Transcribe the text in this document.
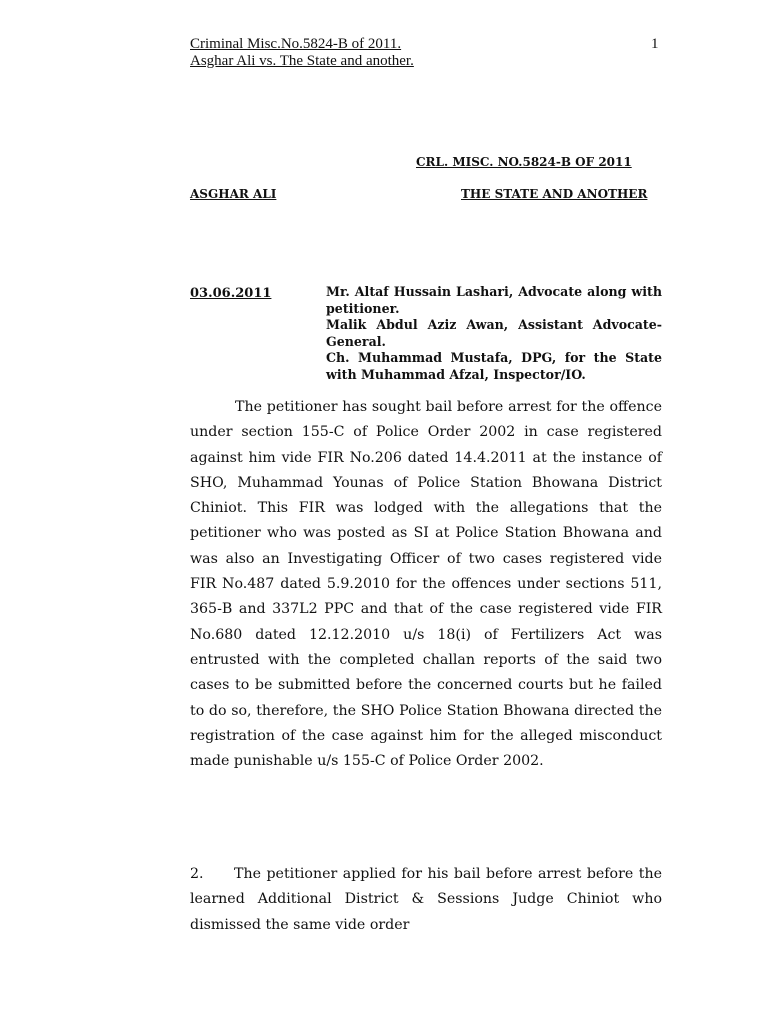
Criminal Misc.No.5824-B of 2011.
Asghar Ali vs. The State and another.
1
CRL. MISC. NO.5824-B OF 2011
ASGHAR ALI	THE STATE AND ANOTHER
03.06.2011	Mr. Altaf Hussain Lashari, Advocate along with petitioner.
Malik Abdul Aziz Awan, Assistant Advocate-General.
Ch. Muhammad Mustafa, DPG, for the State with Muhammad Afzal, Inspector/IO.

The petitioner has sought bail before arrest for the offence under section 155-C of Police Order 2002 in case registered against him vide FIR No.206 dated 14.4.2011 at the instance of SHO, Muhammad Younas of Police Station Bhowana District Chiniot. This FIR was lodged with the allegations that the petitioner who was posted as SI at Police Station Bhowana and was also an Investigating Officer of two cases registered vide FIR No.487 dated 5.9.2010 for the offences under sections 511, 365-B and 337L2 PPC and that of the case registered vide FIR No.680 dated 12.12.2010 u/s 18(i) of Fertilizers Act was entrusted with the completed challan reports of the said two cases to be submitted before the concerned courts but he failed to do so, therefore, the SHO Police Station Bhowana directed the registration of the case against him for the alleged misconduct made punishable u/s 155-C of Police Order 2002.

2. The petitioner applied for his bail before arrest before the learned Additional District & Sessions Judge Chiniot who dismissed the same vide order
